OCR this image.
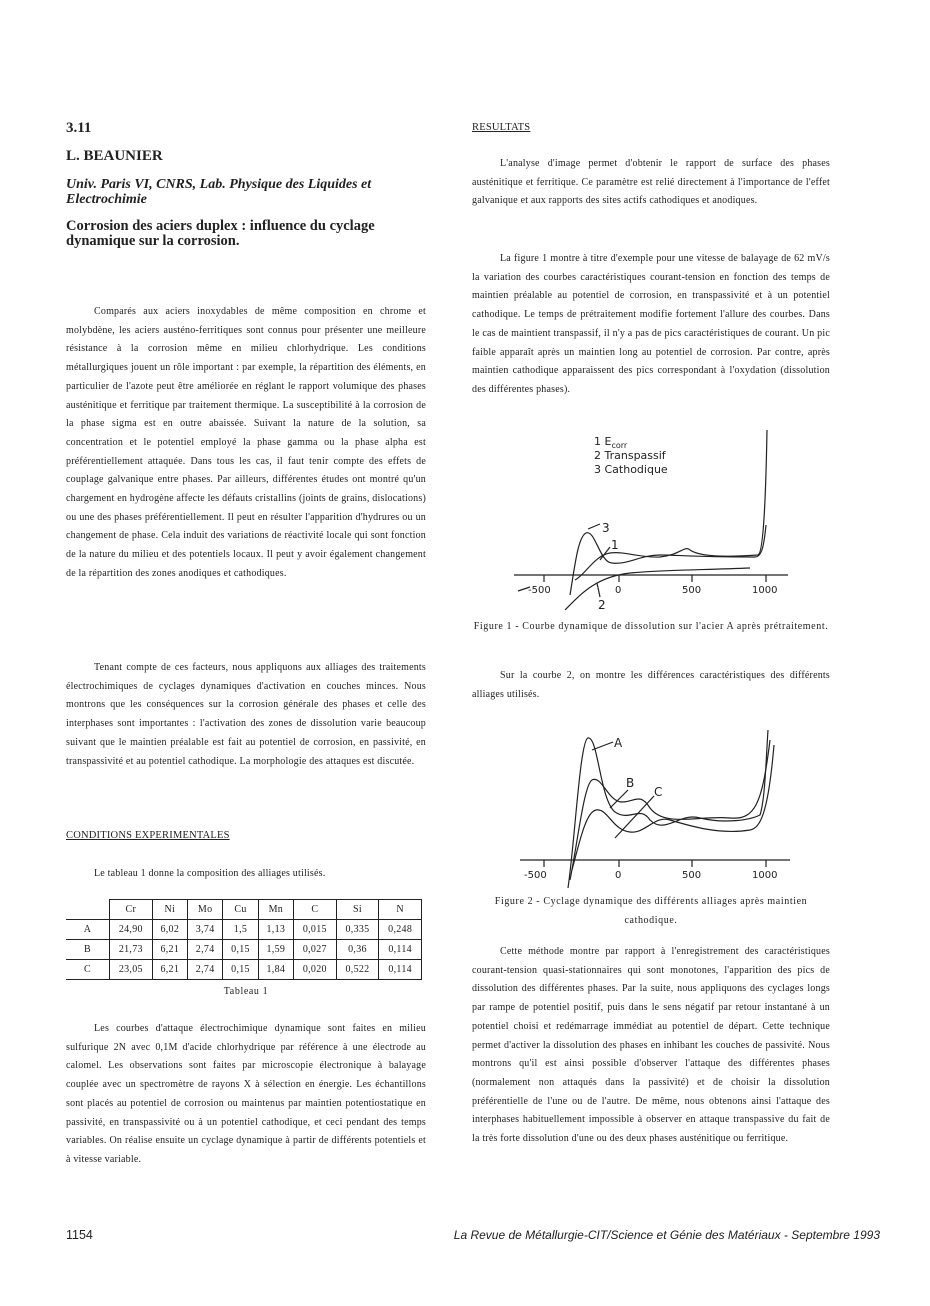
3.11
L. BEAUNIER
Univ. Paris VI, CNRS, Lab. Physique des Liquides et Electrochimie
Corrosion des aciers duplex : influence du cyclage dynamique sur la corrosion.

Comparés aux aciers inoxydables de même composition en chrome et molybdène, les aciers austéno-ferritiques sont connus pour présenter une meilleure résistance à la corrosion même en milieu chlorhydrique. Les conditions métallurgiques jouent un rôle important : par exemple, la répartition des éléments, en particulier de l'azote peut être améliorée en réglant le rapport volumique des phases austénitique et ferritique par traitement thermique. La susceptibilité à la corrosion de la phase sigma est en outre abaissée. Suivant la nature de la solution, sa concentration et le potentiel employé la phase gamma ou la phase alpha est préférentiellement attaquée. Dans tous les cas, il faut tenir compte des effets de couplage galvanique entre phases. Par ailleurs, différentes études ont montré qu'un chargement en hydrogène affecte les défauts cristallins (joints de grains, dislocations) ou une des phases préférentiellement. Il peut en résulter l'apparition d'hydrures ou un changement de phase. Cela induit des variations de réactivité locale qui sont fonction de la nature du milieu et des potentiels locaux. Il peut y avoir également changement de la répartition des zones anodiques et cathodiques.

Tenant compte de ces facteurs, nous appliquons aux alliages des traitements électrochimiques de cyclages dynamiques d'activation en couches minces. Nous montrons que les conséquences sur la corrosion générale des phases et celle des interphases sont importantes : l'activation des zones de dissolution varie beaucoup suivant que le maintien préalable est fait au potentiel de corrosion, en passivité, en transpassivité et au potentiel cathodique. La morphologie des attaques est discutée.

CONDITIONS EXPERIMENTALES

Le tableau 1 donne la composition des alliages utilisés.

	Cr	Ni	Mo	Cu	Mn	C	Si	N
A	24,90	6,02	3,74	1,5	1,13	0,015	0,335	0,248
B	21,73	6,21	2,74	0,15	1,59	0,027	0,36	0,114
C	23,05	6,21	2,74	0,15	1,84	0,020	0,522	0,114
Tableau 1

Les courbes d'attaque électrochimique dynamique sont faites en milieu sulfurique 2N avec 0,1M d'acide chlorhydrique par référence à une électrode au calomel. Les observations sont faites par microscopie électronique à balayage couplée avec un spectromètre de rayons X à sélection en énergie. Les échantillons sont placés au potentiel de corrosion ou maintenus par maintien potentiostatique en passivité, en transpassivité ou à un potentiel cathodique, et ceci pendant des temps variables. On réalise ensuite un cyclage dynamique à partir de différents potentiels et à vitesse variable.

RESULTATS

L'analyse d'image permet d'obtenir le rapport de surface des phases austénitique et ferritique. Ce paramètre est relié directement à l'importance de l'effet galvanique et aux rapports des sites actifs cathodiques et anodiques.

La figure 1 montre à titre d'exemple pour une vitesse de balayage de 62 mV/s la variation des courbes caractéristiques courant-tension en fonction des temps de maintien préalable au potentiel de corrosion, en transpassivité et à un potentiel cathodique. Le temps de prétraitement modifie fortement l'allure des courbes. Dans le cas de maintient transpassif, il n'y a pas de pics caractéristiques de courant. Un pic faible apparaît après un maintien long au potentiel de corrosion. Par contre, après maintien cathodique apparaissent des pics correspondant à l'oxydation (dissolution des différentes phases).

1 $E_{corr}$
2 Transpassif
3 Cathodique
3
1
2
-500	0	500	1000
Figure 1 - Courbe dynamique de dissolution sur l'acier A après prétraitement.

Sur la courbe 2, on montre les différences caractéristiques des différents alliages utilisés.

A
B
C
-500	0	500	1000
Figure 2 - Cyclage dynamique des différents alliages après maintien cathodique.

Cette méthode montre par rapport à l'enregistrement des caractéristiques courant-tension quasi-stationnaires qui sont monotones, l'apparition des pics de dissolution des différentes phases. Par la suite, nous appliquons des cyclages longs par rampe de potentiel positif, puis dans le sens négatif par retour instantané à un potentiel choisi et redémarrage immédiat au potentiel de départ. Cette technique permet d'activer la dissolution des phases en inhibant les couches de passivité. Nous montrons qu'il est ainsi possible d'observer l'attaque des différentes phases (normalement non attaqués dans la passivité) et de choisir la dissolution préférentielle de l'une ou de l'autre. De même, nous obtenons ainsi l'attaque des interphases habituellement impossible à observer en attaque transpassive du fait de la très forte dissolution d'une ou des deux phases austénitique ou ferritique.

1154	La Revue de Métallurgie-CIT/Science et Génie des Matériaux - Septembre 1993
